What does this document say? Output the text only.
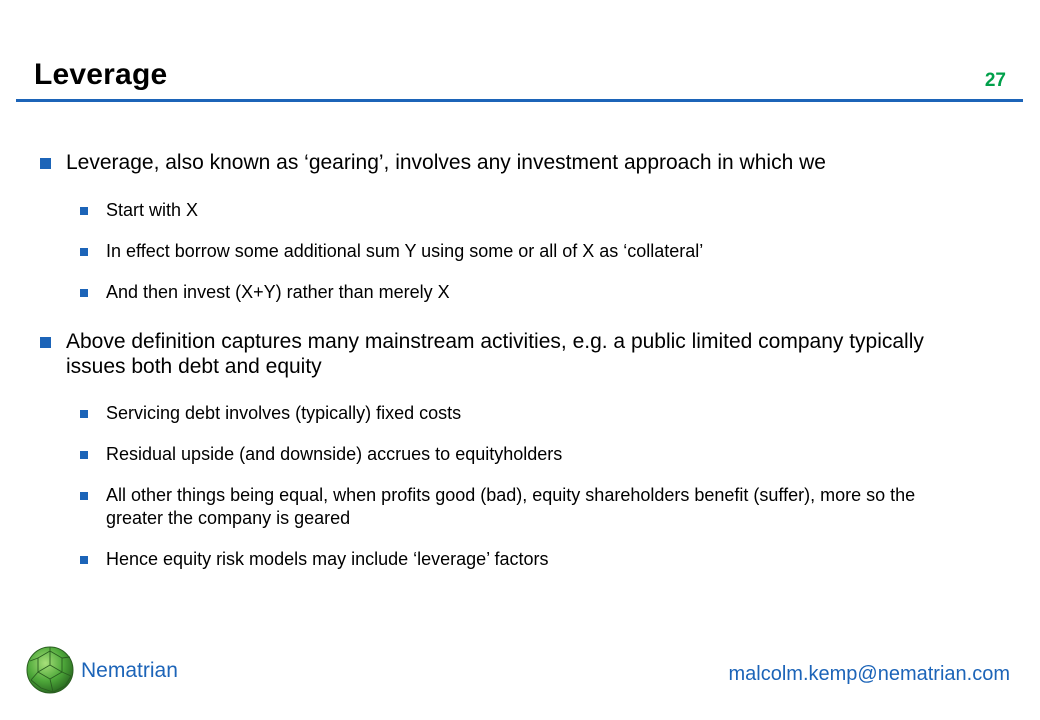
Leverage	27
Leverage, also known as ‘gearing’, involves any investment approach in which we
Start with X
In effect borrow some additional sum Y using some or all of X as ‘collateral’
And then invest (X+Y) rather than merely X
Above definition captures many mainstream activities, e.g. a public limited company typically issues both debt and equity
Servicing debt involves (typically) fixed costs
Residual upside (and downside) accrues to equityholders
All other things being equal, when profits good (bad), equity shareholders benefit (suffer), more so the greater the company is geared
Hence equity risk models may include ‘leverage’ factors
Nematrian	malcolm.kemp@nematrian.com
